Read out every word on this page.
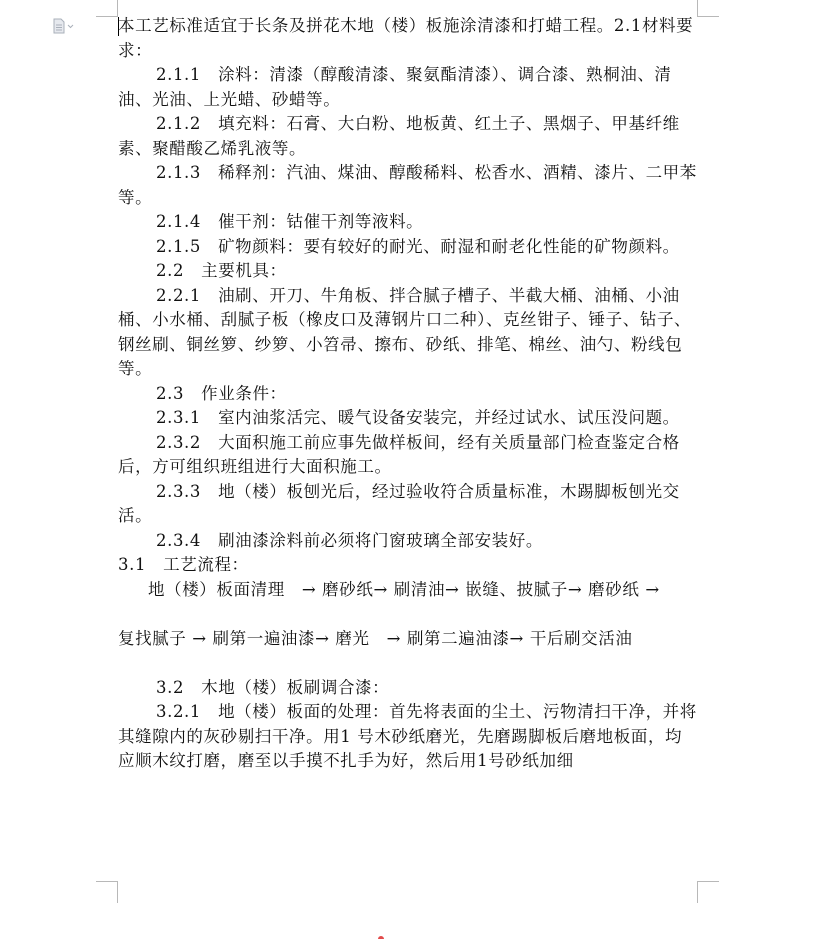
本工艺标准适宜于长条及拼花木地（楼）板施涂清漆和打蜡工程。2.1材料要求：

2.1.1　涂料：清漆（醇酸清漆、聚氨酯清漆）、调合漆、熟桐油、清油、光油、上光蜡、砂蜡等。

2.1.2　填充料：石膏、大白粉、地板黄、红土子、黑烟子、甲基纤维素、聚醋酸乙烯乳液等。

2.1.3　稀释剂：汽油、煤油、醇酸稀料、松香水、酒精、漆片、二甲苯等。

2.1.4　催干剂：钴催干剂等液料。

2.1.5　矿物颜料：要有较好的耐光、耐湿和耐老化性能的矿物颜料。

2.2　主要机具：

2.2.1　油刷、开刀、牛角板、拌合腻子槽子、半截大桶、油桶、小油桶、小水桶、刮腻子板（橡皮口及薄钢片口二种）、克丝钳子、锤子、钻子、钢丝刷、铜丝箩、纱箩、小笤帚、擦布、砂纸、排笔、棉丝、油勺、粉线包等。

2.3　作业条件：

2.3.1　室内油浆活完、暖气设备安装完，并经过试水、试压没问题。

2.3.2　大面积施工前应事先做样板间，经有关质量部门检查鉴定合格后，方可组织班组进行大面积施工。

2.3.3　地（楼）板刨光后，经过验收符合质量标准，木踢脚板刨光交活。

2.3.4　刷油漆涂料前必须将门窗玻璃全部安装好。

3.1　工艺流程：

地（楼）板面清理　→ 磨砂纸→ 刷清油→ 嵌缝、披腻子→ 磨砂纸 →

复找腻子 → 刷第一遍油漆→ 磨光　→ 刷第二遍油漆→ 干后刷交活油

3.2　木地（楼）板刷调合漆：

3.2.1　地（楼）板面的处理：首先将表面的尘土、污物清扫干净，并将其缝隙内的灰砂剔扫干净。用1 号木砂纸磨光，先磨踢脚板后磨地板面，均应顺木纹打磨，磨至以手摸不扎手为好，然后用1号砂纸加细
